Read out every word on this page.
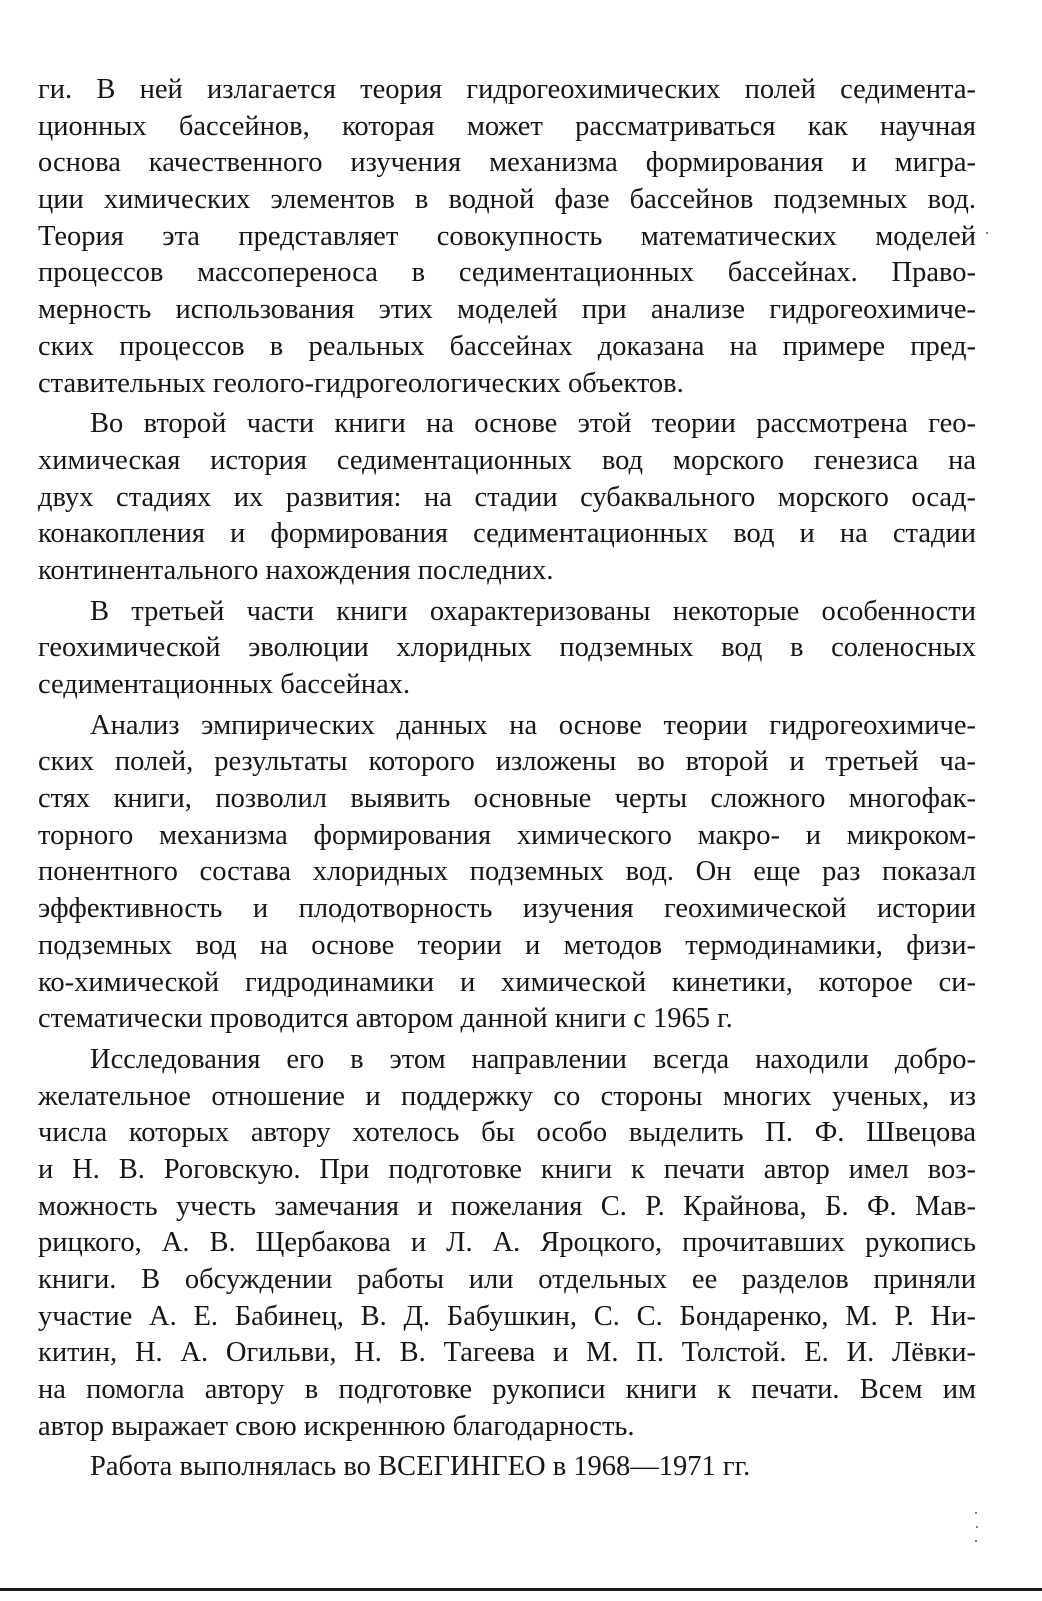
ги. В ней излагается теория гидрогеохимических полей седимента-
ционных бассейнов, которая может рассматриваться как научная
основа качественного изучения механизма формирования и мигра-
ции химических элементов в водной фазе бассейнов подземных вод.
Теория эта представляет совокупность математических моделей
процессов массопереноса в седиментационных бассейнах. Право-
мерность использования этих моделей при анализе гидрогеохимиче-
ских процессов в реальных бассейнах доказана на примере пред-
ставительных геолого-гидрогеологических объектов.
Во второй части книги на основе этой теории рассмотрена гео-
химическая история седиментационных вод морского генезиса на
двух стадиях их развития: на стадии субаквального морского осад-
конакопления и формирования седиментационных вод и на стадии
континентального нахождения последних.
В третьей части книги охарактеризованы некоторые особенности
геохимической эволюции хлоридных подземных вод в соленосных
седиментационных бассейнах.
Анализ эмпирических данных на основе теории гидрогеохимиче-
ских полей, результаты которого изложены во второй и третьей ча-
стях книги, позволил выявить основные черты сложного многофак-
торного механизма формирования химического макро- и микроком-
понентного состава хлоридных подземных вод. Он еще раз показал
эффективность и плодотворность изучения геохимической истории
подземных вод на основе теории и методов термодинамики, физи-
ко-химической гидродинамики и химической кинетики, которое си-
стематически проводится автором данной книги с 1965 г.
Исследования его в этом направлении всегда находили добро-
желательное отношение и поддержку со стороны многих ученых, из
числа которых автору хотелось бы особо выделить П. Ф. Швецова
и Н. В. Роговскую. При подготовке книги к печати автор имел воз-
можность учесть замечания и пожелания С. Р. Крайнова, Б. Ф. Мав-
рицкого, А. В. Щербакова и Л. А. Яроцкого, прочитавших рукопись
книги. В обсуждении работы или отдельных ее разделов приняли
участие А. Е. Бабинец, В. Д. Бабушкин, С. С. Бондаренко, М. Р. Ни-
китин, Н. А. Огильви, Н. В. Тагеева и М. П. Толстой. Е. И. Лёвки-
на помогла автору в подготовке рукописи книги к печати. Всем им
автор выражает свою искреннюю благодарность.
Работа выполнялась во ВСЕГИНГЕО в 1968—1971 гг.
